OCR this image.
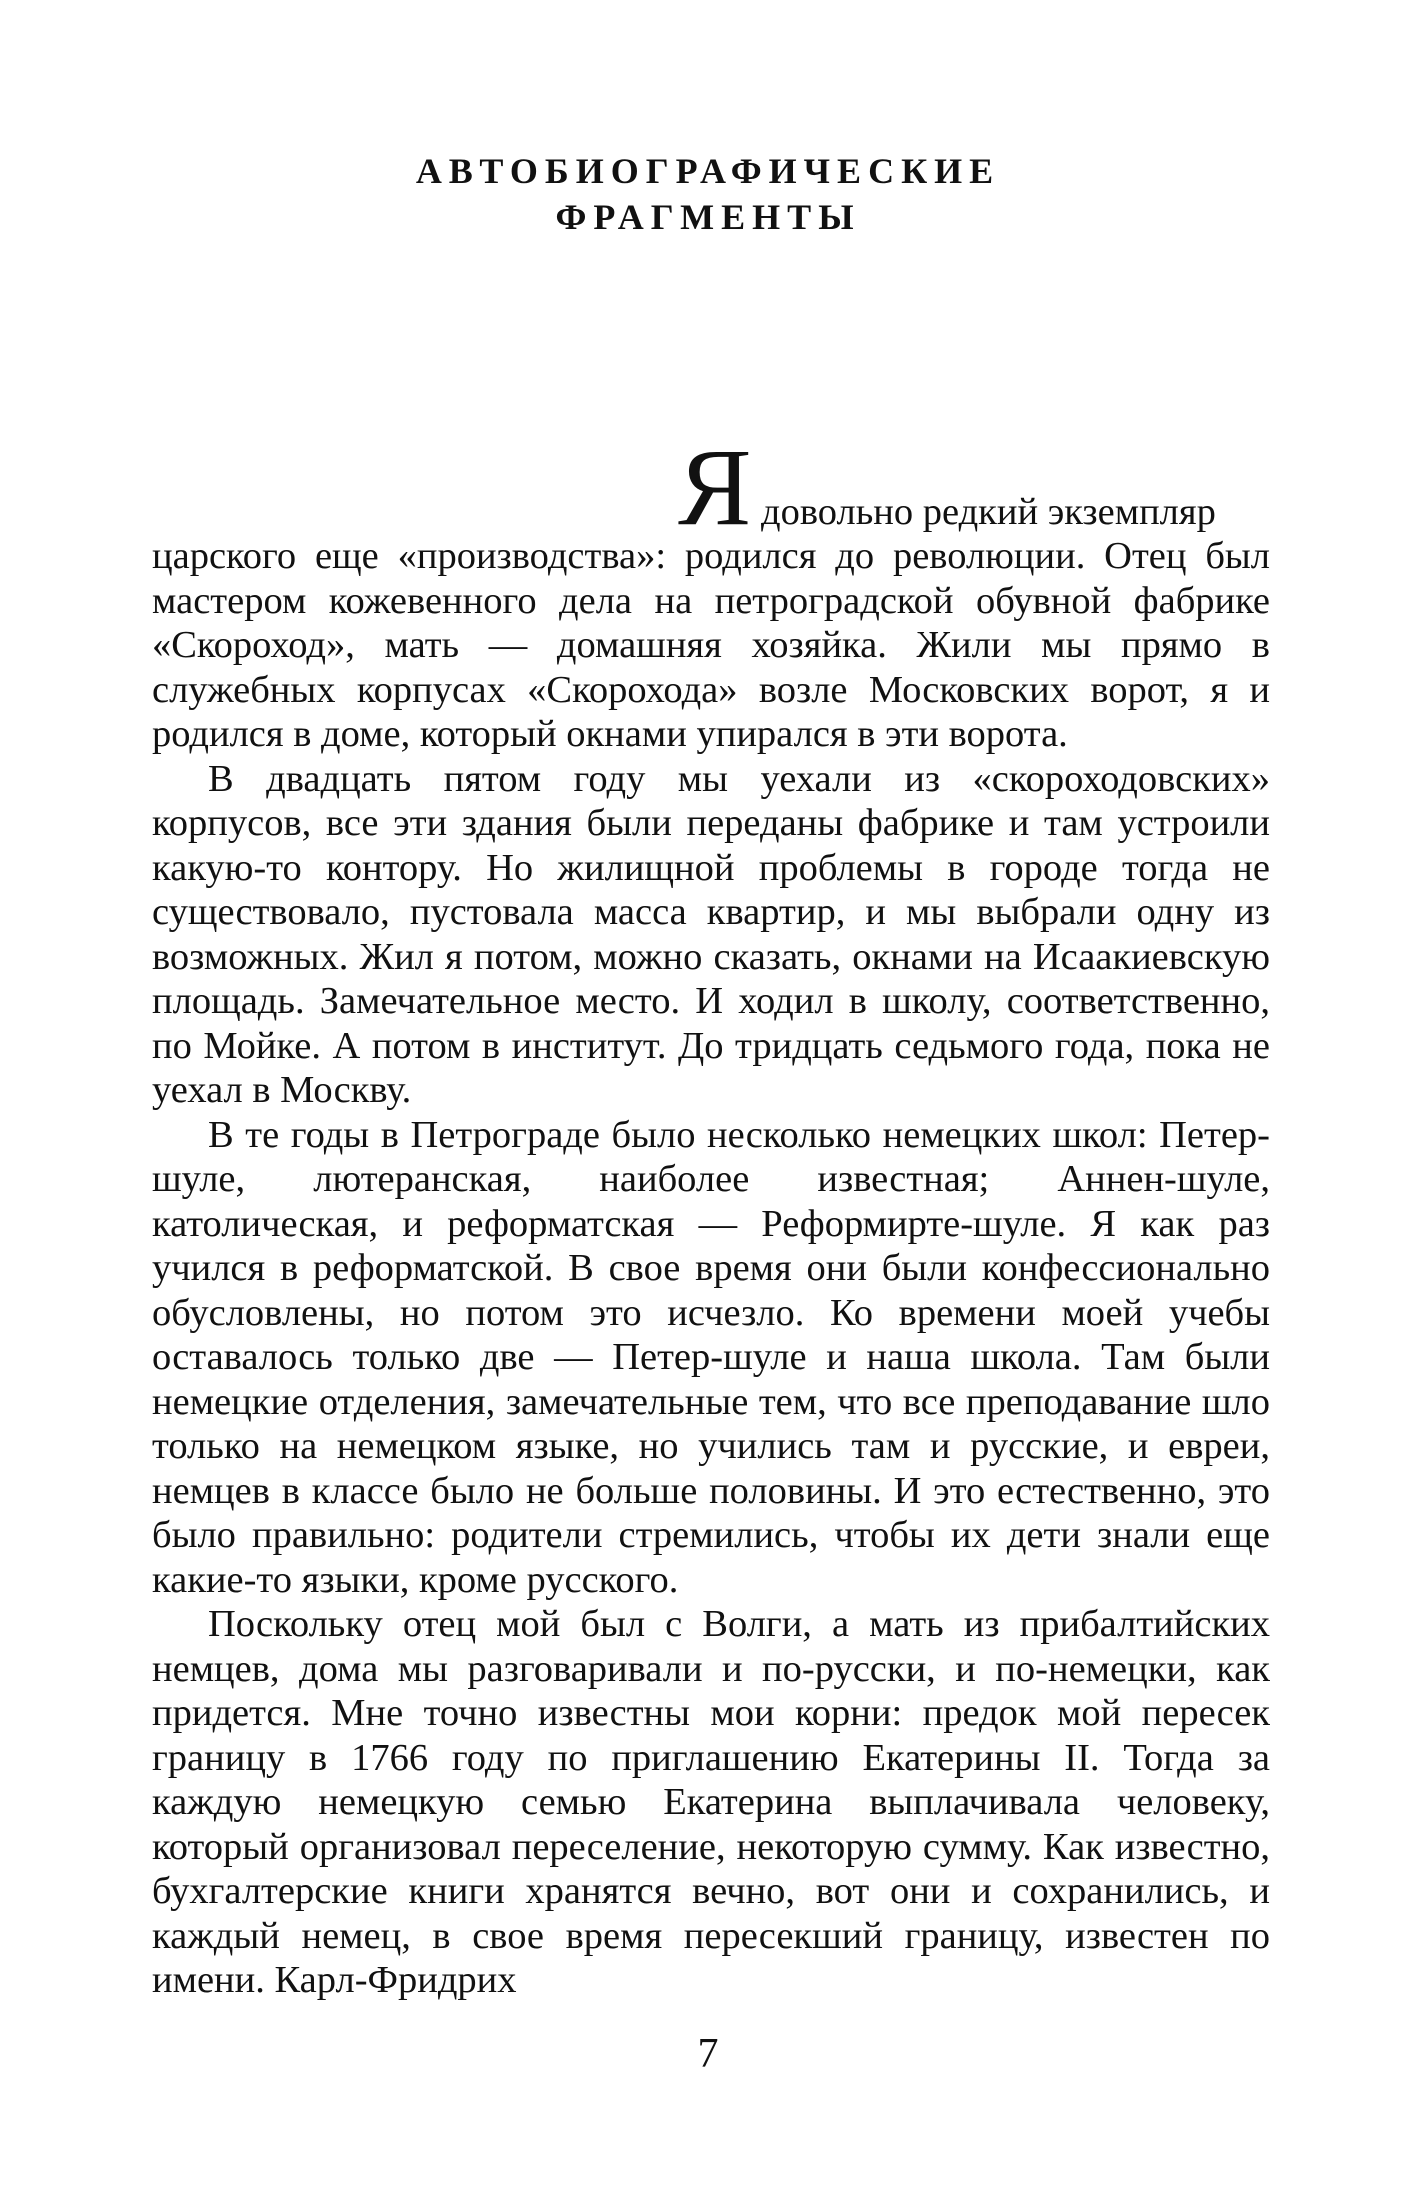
АВТОБИОГРАФИЧЕСКИЕ
ФРАГМЕНТЫ
Я довольно редкий экземпляр

царского еще «производства»: родился до революции. Отец был мастером кожевенного дела на петроградской обувной фабрике «Скороход», мать — домашняя хозяйка. Жили мы прямо в служебных корпусах «Скорохода» возле Московских ворот, я и родился в доме, который окнами упирался в эти ворота.

В двадцать пятом году мы уехали из «скороходовских» корпусов, все эти здания были переданы фабрике и там устроили какую-то контору. Но жилищной проблемы в городе тогда не существовало, пустовала масса квартир, и мы выбрали одну из возможных. Жил я потом, можно сказать, окнами на Исаакиевскую площадь. Замечательное место. И ходил в школу, соответственно, по Мойке. А потом в институт. До тридцать седьмого года, пока не уехал в Москву.

В те годы в Петрограде было несколько немецких школ: Петер-шуле, лютеранская, наиболее известная; Аннен-шуле, католическая, и реформатская — Реформирте-шуле. Я как раз учился в реформатской. В свое время они были конфессионально обусловлены, но потом это исчезло. Ко времени моей учебы оставалось только две — Петер-шуле и наша школа. Там были немецкие отделения, замечательные тем, что все преподавание шло только на немецком языке, но учились там и русские, и евреи, немцев в классе было не больше половины. И это естественно, это было правильно: родители стремились, чтобы их дети знали еще какие-то языки, кроме русского.

Поскольку отец мой был с Волги, а мать из прибалтийских немцев, дома мы разговаривали и по-русски, и по-немецки, как придется. Мне точно известны мои корни: предок мой пересек границу в 1766 году по приглашению Екатерины II. Тогда за каждую немецкую семью Екатерина выплачивала человеку, который организовал переселение, некоторую сумму. Как известно, бухгалтерские книги хранятся вечно, вот они и сохранились, и каждый немец, в свое время пересекший границу, известен по имени. Карл-Фридрих

7
